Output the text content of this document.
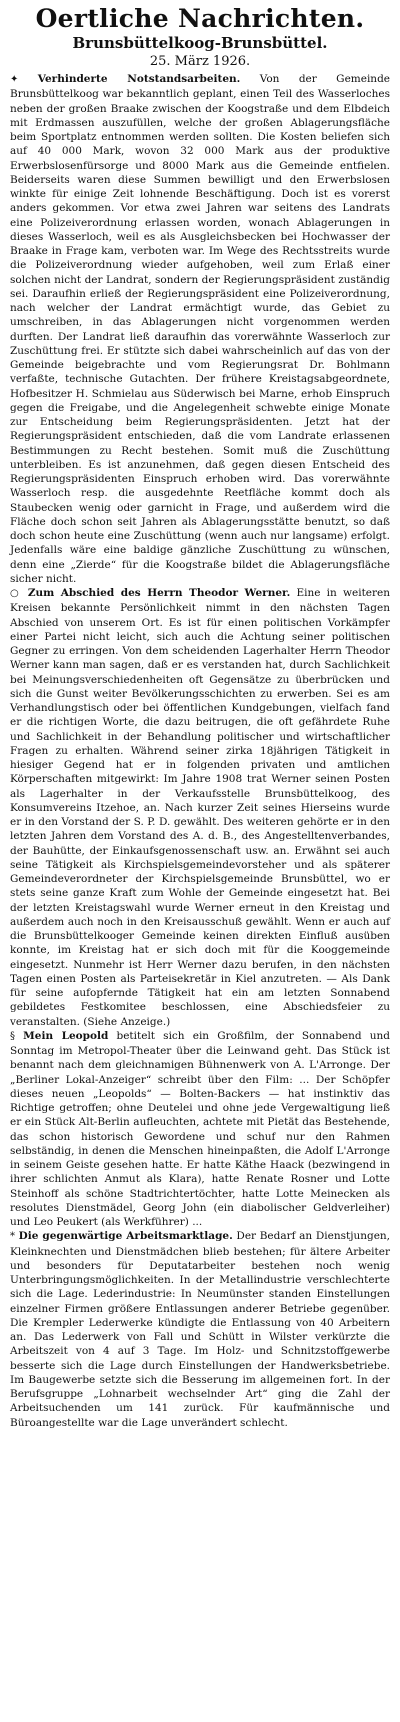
Oertliche Nachrichten.
Brunsbüttelkoog-Brunsbüttel.
25. März 1926.

✦ Verhinderte Notstandsarbeiten. Von der Gemeinde Brunsbüttelkoog war bekanntlich geplant, einen Teil des Wasserloches neben der großen Braake zwischen der Koogstraße und dem Elbdeich mit Erdmassen auszufüllen, welche der großen Ablagerungsfläche beim Sportplatz entnommen werden sollten. Die Kosten beliefen sich auf 40 000 Mark, wovon 32 000 Mark aus der produktive Erwerbslosenfürsorge und 8000 Mark aus die Gemeinde entfielen. Beiderseits waren diese Summen bewilligt und den Erwerbslosen winkte für einige Zeit lohnende Beschäftigung. Doch ist es vorerst anders gekommen. Vor etwa zwei Jahren war seitens des Landrats eine Polizeiverordnung erlassen worden, wonach Ablagerungen in dieses Wasserloch, weil es als Ausgleichsbecken bei Hochwasser der Braake in Frage kam, verboten war. Im Wege des Rechtsstreits wurde die Polizeiverordnung wieder aufgehoben, weil zum Erlaß einer solchen nicht der Landrat, sondern der Regierungspräsident zuständig sei. Daraufhin erließ der Regierungspräsident eine Polizeiverordnung, nach welcher der Landrat ermächtigt wurde, das Gebiet zu umschreiben, in das Ablagerungen nicht vorgenommen werden durften. Der Landrat ließ daraufhin das vorerwähnte Wasserloch zur Zuschüttung frei. Er stützte sich dabei wahrscheinlich auf das von der Gemeinde beigebrachte und vom Regierungsrat Dr. Bohlmann verfaßte, technische Gutachten. Der frühere Kreistagsabgeordnete, Hofbesitzer H. Schmielau aus Süderwisch bei Marne, erhob Einspruch gegen die Freigabe, und die Angelegenheit schwebte einige Monate zur Entscheidung beim Regierungspräsidenten. Jetzt hat der Regierungspräsident entschieden, daß die vom Landrate erlassenen Bestimmungen zu Recht bestehen. Somit muß die Zuschüttung unterbleiben. Es ist anzunehmen, daß gegen diesen Entscheid des Regierungspräsidenten Einspruch erhoben wird. Das vorerwähnte Wasserloch resp. die ausgedehnte Reetfläche kommt doch als Staubecken wenig oder garnicht in Frage, und außerdem wird die Fläche doch schon seit Jahren als Ablagerungsstätte benutzt, so daß doch schon heute eine Zuschüttung (wenn auch nur langsame) erfolgt. Jedenfalls wäre eine baldige gänzliche Zuschüttung zu wünschen, denn eine „Zierde“ für die Koogstraße bildet die Ablagerungsfläche sicher nicht.

○ Zum Abschied des Herrn Theodor Werner. Eine in weiteren Kreisen bekannte Persönlichkeit nimmt in den nächsten Tagen Abschied von unserem Ort. Es ist für einen politischen Vorkämpfer einer Partei nicht leicht, sich auch die Achtung seiner politischen Gegner zu erringen. Von dem scheidenden Lagerhalter Herrn Theodor Werner kann man sagen, daß er es verstanden hat, durch Sachlichkeit bei Meinungsverschiedenheiten oft Gegensätze zu überbrücken und sich die Gunst weiter Bevölkerungsschichten zu erwerben. Sei es am Verhandlungstisch oder bei öffentlichen Kundgebungen, vielfach fand er die richtigen Worte, die dazu beitrugen, die oft gefährdete Ruhe und Sachlichkeit in der Behandlung politischer und wirtschaftlicher Fragen zu erhalten. Während seiner zirka 18jährigen Tätigkeit in hiesiger Gegend hat er in folgenden privaten und amtlichen Körperschaften mitgewirkt: Im Jahre 1908 trat Werner seinen Posten als Lagerhalter in der Verkaufsstelle Brunsbüttelkoog, des Konsumvereins Itzehoe, an. Nach kurzer Zeit seines Hierseins wurde er in den Vorstand der S. P. D. gewählt. Des weiteren gehörte er in den letzten Jahren dem Vorstand des A. d. B., des Angestelltenverbandes, der Bauhütte, der Einkaufsgenossenschaft usw. an. Erwähnt sei auch seine Tätigkeit als Kirchspielsgemeindevorsteher und als späterer Gemeindeverordneter der Kirchspielsgemeinde Brunsbüttel, wo er stets seine ganze Kraft zum Wohle der Gemeinde eingesetzt hat. Bei der letzten Kreistagswahl wurde Werner erneut in den Kreistag und außerdem auch noch in den Kreisausschuß gewählt. Wenn er auch auf die Brunsbüttelkooger Gemeinde keinen direkten Einfluß ausüben konnte, im Kreistag hat er sich doch mit für die Kooggemeinde eingesetzt. Nunmehr ist Herr Werner dazu berufen, in den nächsten Tagen einen Posten als Parteisekretär in Kiel anzutreten. — Als Dank für seine aufopfernde Tätigkeit hat ein am letzten Sonnabend gebildetes Festkomitee beschlossen, eine Abschiedsfeier zu veranstalten. (Siehe Anzeige.)

§ Mein Leopold betitelt sich ein Großfilm, der Sonnabend und Sonntag im Metropol-Theater über die Leinwand geht. Das Stück ist benannt nach dem gleichnamigen Bühnenwerk von A. L'Arronge. Der „Berliner Lokal-Anzeiger“ schreibt über den Film: ... Der Schöpfer dieses neuen „Leopolds“ — Bolten-Backers — hat instinktiv das Richtige getroffen; ohne Deutelei und ohne jede Vergewaltigung ließ er ein Stück Alt-Berlin aufleuchten, achtete mit Pietät das Bestehende, das schon historisch Gewordene und schuf nur den Rahmen selbständig, in denen die Menschen hineinpaßten, die Adolf L'Arronge in seinem Geiste gesehen hatte. Er hatte Käthe Haack (bezwingend in ihrer schlichten Anmut als Klara), hatte Renate Rosner und Lotte Steinhoff als schöne Stadtrichtertöchter, hatte Lotte Meinecken als resolutes Dienstmädel, Georg John (ein diabolischer Geldverleiher) und Leo Peukert (als Werkführer) ...

* Die gegenwärtige Arbeitsmarktlage. Der Bedarf an Dienstjungen, Kleinknechten und Dienstmädchen blieb bestehen; für ältere Arbeiter und besonders für Deputatarbeiter bestehen noch wenig Unterbringungsmöglichkeiten. In der Metallindustrie verschlechterte sich die Lage. Lederindustrie: In Neumünster standen Einstellungen einzelner Firmen größere Entlassungen anderer Betriebe gegenüber. Die Krempler Lederwerke kündigte die Entlassung von 40 Arbeitern an. Das Lederwerk von Fall und Schütt in Wilster verkürzte die Arbeitszeit von 4 auf 3 Tage. Im Holz- und Schnitzstoffgewerbe besserte sich die Lage durch Einstellungen der Handwerksbetriebe. Im Baugewerbe setzte sich die Besserung im allgemeinen fort. In der Berufsgruppe „Lohnarbeit wechselnder Art“ ging die Zahl der Arbeitsuchenden um 141 zurück. Für kaufmännische und Büroangestellte war die Lage unverändert schlecht.
